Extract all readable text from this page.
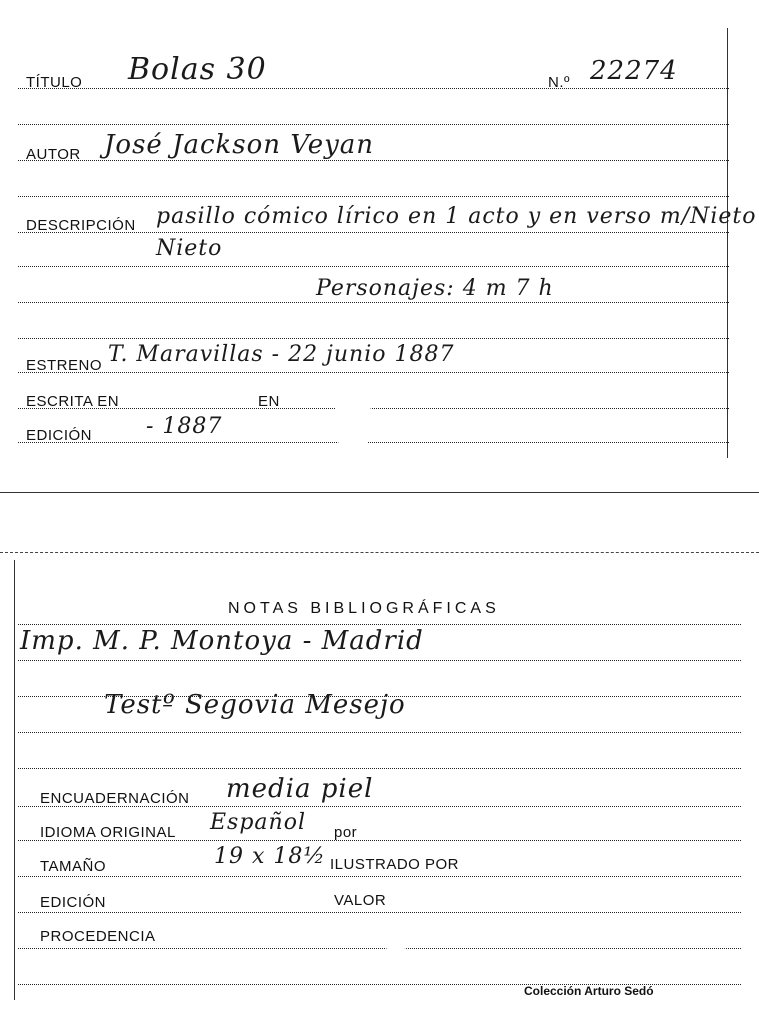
TÍTULO Bolas 30	N.º 22274
AUTOR José Jackson Veyan
DESCRIPCIÓN pasillo cómico lírico en 1 acto y en verso m/Nieto
Nieto
Personajes: 4 m 7 h
ESTRENO T. Maravillas - 22 junio 1887
ESCRITA EN	EN
EDICIÓN - 1887
NOTAS BIBLIOGRÁFICAS
Imp. M. P. Montoya - Madrid
Testº Segovia Mesejo
ENCUADERNACIÓN media piel
IDIOMA ORIGINAL Español por
TAMAÑO	19 x 18½ ILUSTRADO POR
EDICIÓN	VALOR
PROCEDENCIA
Colección Arturo Sedó
